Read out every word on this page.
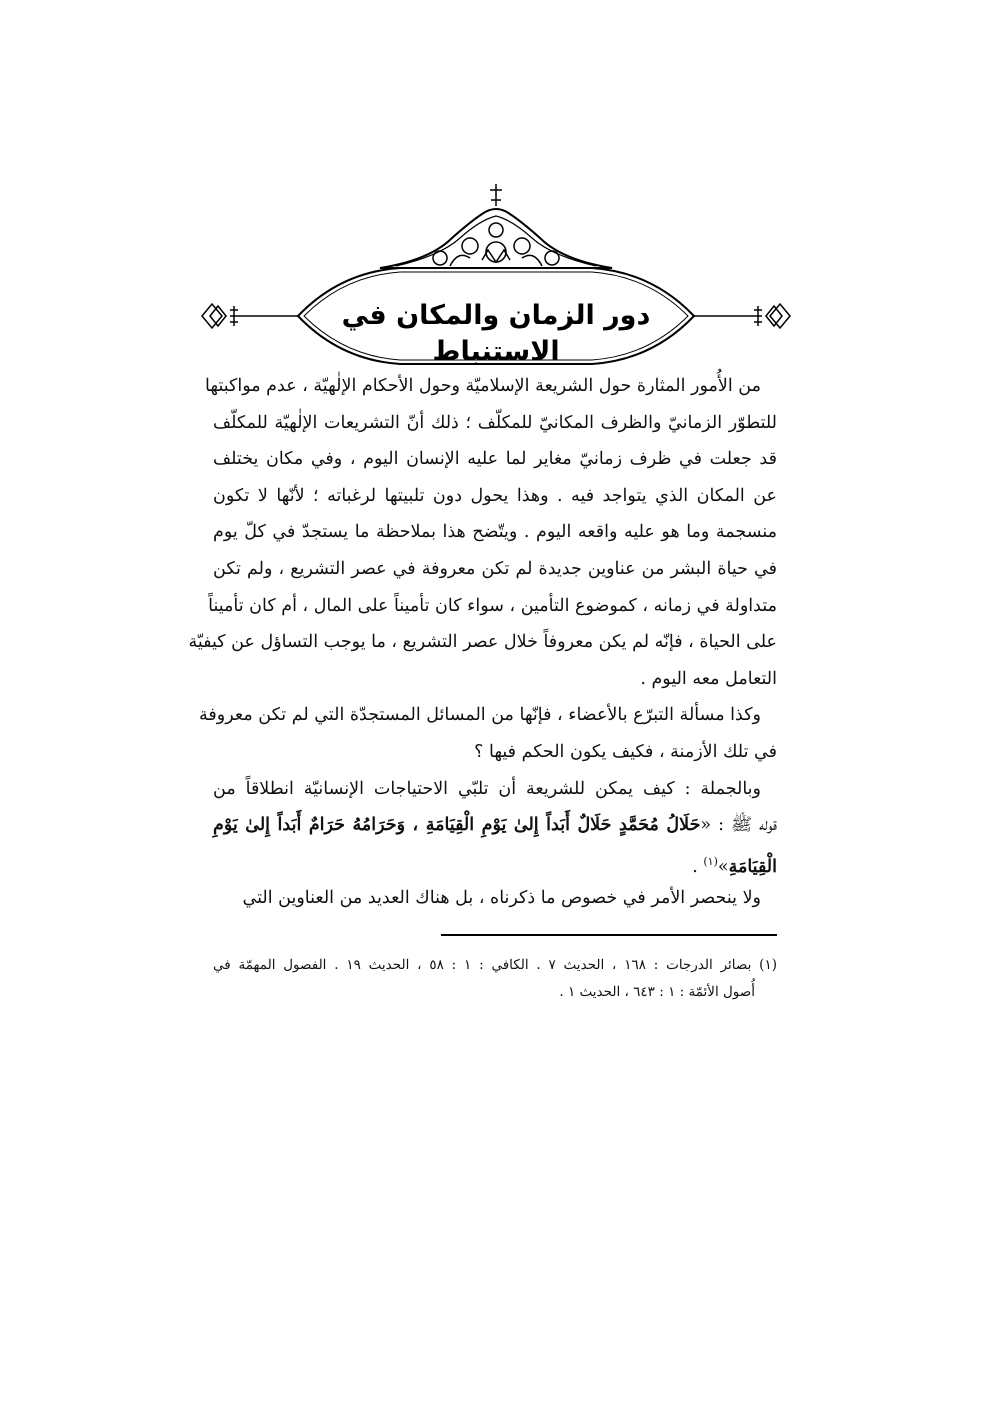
دور الزمان والمكان في الاستنباط
من الأُمور المثارة حول الشريعة الإسلاميّة وحول الأحكام الإلٰهيّة ، عدم مواكبتها
للتطوّر الزمانيّ والظرف المكانيّ للمكلّف ؛ ذلك أنّ التشريعات الإلٰهيّة للمكلّف
قد جعلت في ظرف زمانيّ مغاير لما عليه الإنسان اليوم ، وفي مكان يختلف
عن المكان الذي يتواجد فيه . وهذا يحول دون تلبيتها لرغباته ؛ لأنّها لا تكون
منسجمة وما هو عليه واقعه اليوم . ويتّضح هذا بملاحظة ما يستجدّ في كلّ يوم
في حياة البشر من عناوين جديدة لم تكن معروفة في عصر التشريع ، ولم تكن
متداولة في زمانه ، كموضوع التأمين ، سواء كان تأميناً على المال ، أم كان تأميناً
على الحياة ، فإنّه لم يكن معروفاً خلال عصر التشريع ، ما يوجب التساؤل عن كيفيّة
التعامل معه اليوم .
وكذا مسألة التبرّع بالأعضاء ، فإنّها من المسائل المستجدّة التي لم تكن معروفة
في تلك الأزمنة ، فكيف يكون الحكم فيها ؟
وبالجملة : كيف يمكن للشريعة أن تلبّي الاحتياجات الإنسانيّة انطلاقاً من
قوله ﷺ : «حَلَالُ مُحَمَّدٍ حَلَالٌ أَبَداً إِلىٰ يَوْمِ الْقِيَامَةِ ، وَحَرَامُهُ حَرَامٌ أَبَداً إِلىٰ يَوْمِ
الْقِيَامَةِ»$^{(١)}$ .
ولا ينحصر الأمر في خصوص ما ذكرناه ، بل هناك العديد من العناوين التي
(١) بصائر الدرجات : ١٦٨ ، الحديث ٧ . الكافي : ١ : ٥٨ ، الحديث ١٩ . الفصول المهمّة في
أُصول الأئمّة : ١ : ٦٤٣ ، الحديث ١ .
